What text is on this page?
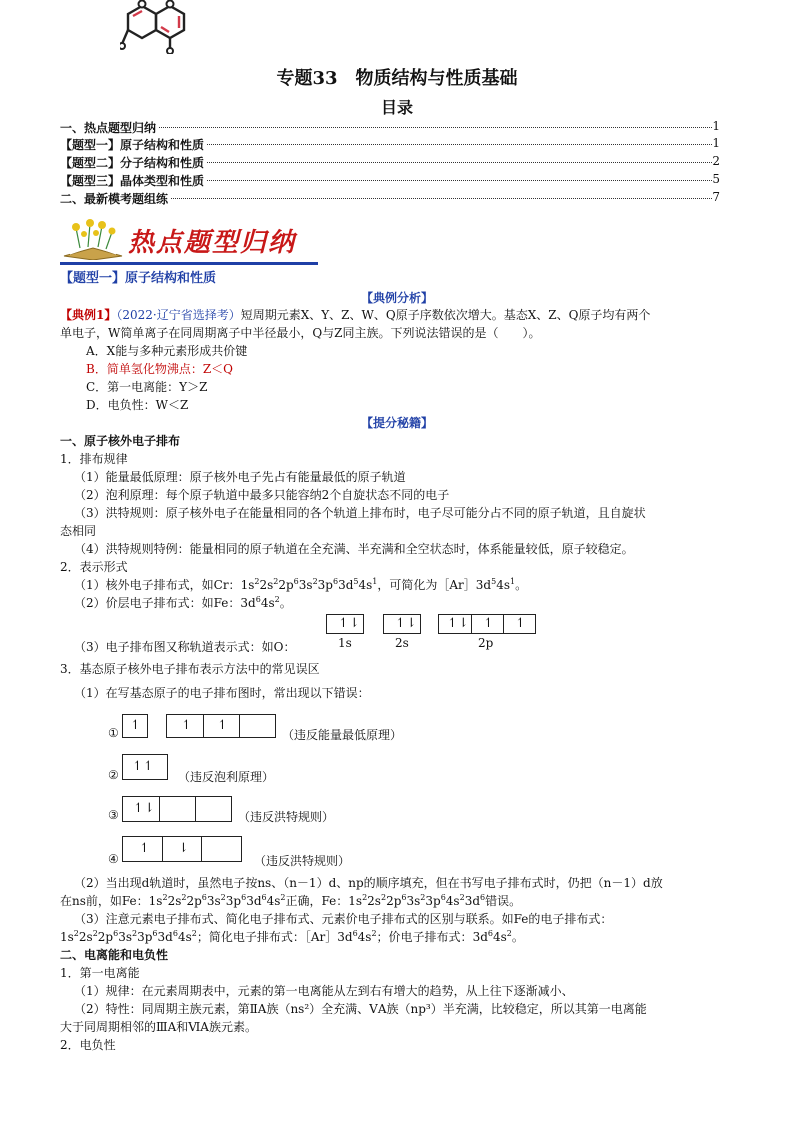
专题33　物质结构与性质基础
目录
一、热点题型归纳	1
【题型一】原子结构和性质	1
【题型二】分子结构和性质	2
【题型三】晶体类型和性质	5
二、最新模考题组练	7
热点题型归纳
【题型一】原子结构和性质
【典例分析】
【典例1】（2022·辽宁省选择考）短周期元素X、Y、Z、W、Q原子序数依次增大。基态X、Z、Q原子均有两个
单电子，W简单离子在同周期离子中半径最小，Q与Z同主族。下列说法错误的是（　　）。
A．X能与多种元素形成共价键
B．简单氢化物沸点：Z＜Q
C．第一电离能：Y＞Z
D．电负性：W＜Z
【提分秘籍】
一、原子核外电子排布
1．排布规律
（1）能量最低原理：原子核外电子先占有能量最低的原子轨道
（2）泡利原理：每个原子轨道中最多只能容纳2个自旋状态不同的电子
（3）洪特规则：原子核外电子在能量相同的各个轨道上排布时，电子尽可能分占不同的原子轨道，且自旋状
态相同
（4）洪特规则特例：能量相同的原子轨道在全充满、半充满和全空状态时，体系能量较低，原子较稳定。
2．表示形式
（1）核外电子排布式，如Cr：$1s^22s^22p^63s^23p^63d^54s^1$，可简化为$[Ar]3d^54s^1$。
（2）价层电子排布式：如Fe：$3d^64s^2$。
（3）电子排布图又称轨道表示式：如O：
↿⇂	↿⇂ ↿⇂ ↿ ↿
1s	2s	2p
3．基态原子核外电子排布表示方法中的常见误区
（1）在写基态原子的电子排布图时，常出现以下错误：
① ↿	↿ ↿
（违反能量最低原理）
②
↿↿
（违反泡利原理）
③ ↿⇂
（违反洪特规则）
④
↿ ⇂
（违反洪特规则）
（2）当出现d轨道时，虽然电子按ns、（n－1）d、np的顺序填充，但在书写电子排布式时，仍把（n－1）d放
在ns前，如Fe：$1s^22s^22p^63s^23p^63d^64s^2$正确，Fe：$1s^22s^22p^63s^23p^64s^23d^6$错误。
（3）注意元素电子排布式、简化电子排布式、元素价电子排布式的区别与联系。如Fe的电子排布式：
$1s^22s^22p^63s^23p^63d^64s^2$；简化电子排布式：$[Ar]3d^64s^2$；价电子排布式：$3d^64s^2$。
二、电离能和电负性
1．第一电离能
（1）规律：在元素周期表中，元素的第一电离能从左到右有增大的趋势，从上往下逐渐减小、
（2）特性：同周期主族元素，第ⅡA族（ns²）全充满、ⅤA族（np³）半充满，比较稳定，所以其第一电离能
大于同周期相邻的ⅢA和ⅥA族元素。
2．电负性
